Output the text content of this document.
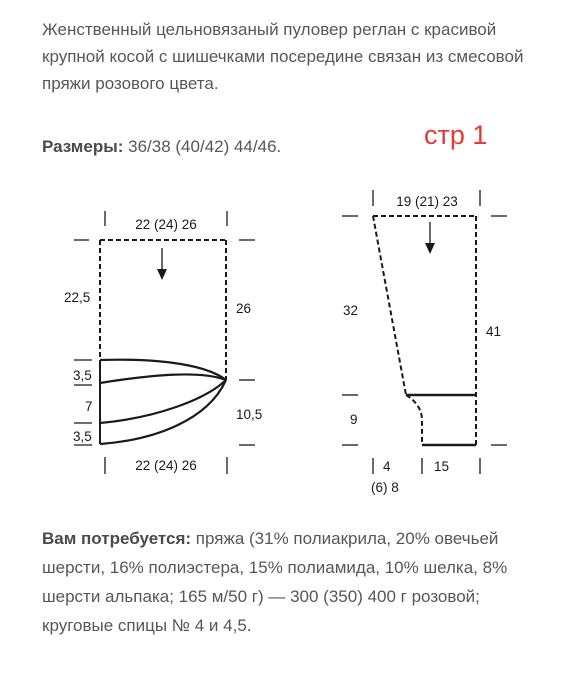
Женственный цельновязаный пуловер реглан с красивой крупной косой с шишечками посередине связан из смесовой пряжи розового цвета.
Размеры: 36/38 (40/42) 44/46.	стр 1
22 (24) 26
22,5
26
3,5
7
3,5
10,5
22 (24) 26
19 (21) 23
32
41
9
4	15
(6) 8
Вам потребуется: пряжа (31% полиакрила, 20% овечьей шерсти, 16% полиэстера, 15% полиамида, 10% шелка, 8% шерсти альпака; 165 м/50 г) — 300 (350) 400 г розовой; круговые спицы № 4 и 4,5.
